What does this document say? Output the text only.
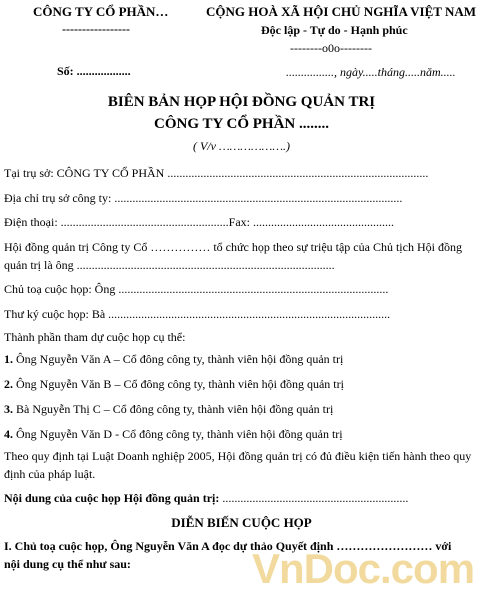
CÔNG TY CỔ PHẦN…
-----------------
CỘNG HOÀ XÃ HỘI CHỦ NGHĨA VIỆT NAM
Độc lập - Tự do - Hạnh phúc
--------o0o--------
Số: ..................	................, ngày.....tháng.....năm.....
BIÊN BẢN HỌP HỘI ĐỒNG QUẢN TRỊ
CÔNG TY CỔ PHẦN ........
( V/v ……………….)
Tại trụ sở: CÔNG TY CỔ PHẦN .......................................................................................
Địa chỉ trụ sở công ty: ................................................................................................
Điện thoại: ........................................................Fax: ...............................................
Hội đồng quản trị Công ty Cổ …………… tổ chức họp theo sự triệu tập của Chủ tịch Hội đồng
quản trị là ông ......................................................................................
Chủ toạ cuộc họp: Ông ..........................................................................................
Thư ký cuộc họp: Bà ..............................................................................................
Thành phần tham dự cuộc họp cụ thể:
1. Ông Nguyễn Văn A – Cổ đông công ty, thành viên hội đồng quản trị
2. Ông Nguyễn Văn B – Cổ đông công ty, thành viên hội đồng quản trị
3. Bà Nguyễn Thị C – Cổ đông công ty, thành viên hội đồng quản trị
4. Ông Nguyễn Văn D - Cổ đông công ty, thành viên hội đồng quản trị
Theo quy định tại Luật Doanh nghiệp 2005, Hội đồng quản trị có đủ điều kiện tiến hành theo quy
định của pháp luật.
Nội dung của cuộc họp Hội đồng quản trị: ..............................................................
DIỄN BIẾN CUỘC HỌP
I. Chủ toạ cuộc họp, Ông Nguyễn Văn A đọc dự thảo Quyết định …………………… với
nội dung cụ thể như sau:	VnDoc.com
